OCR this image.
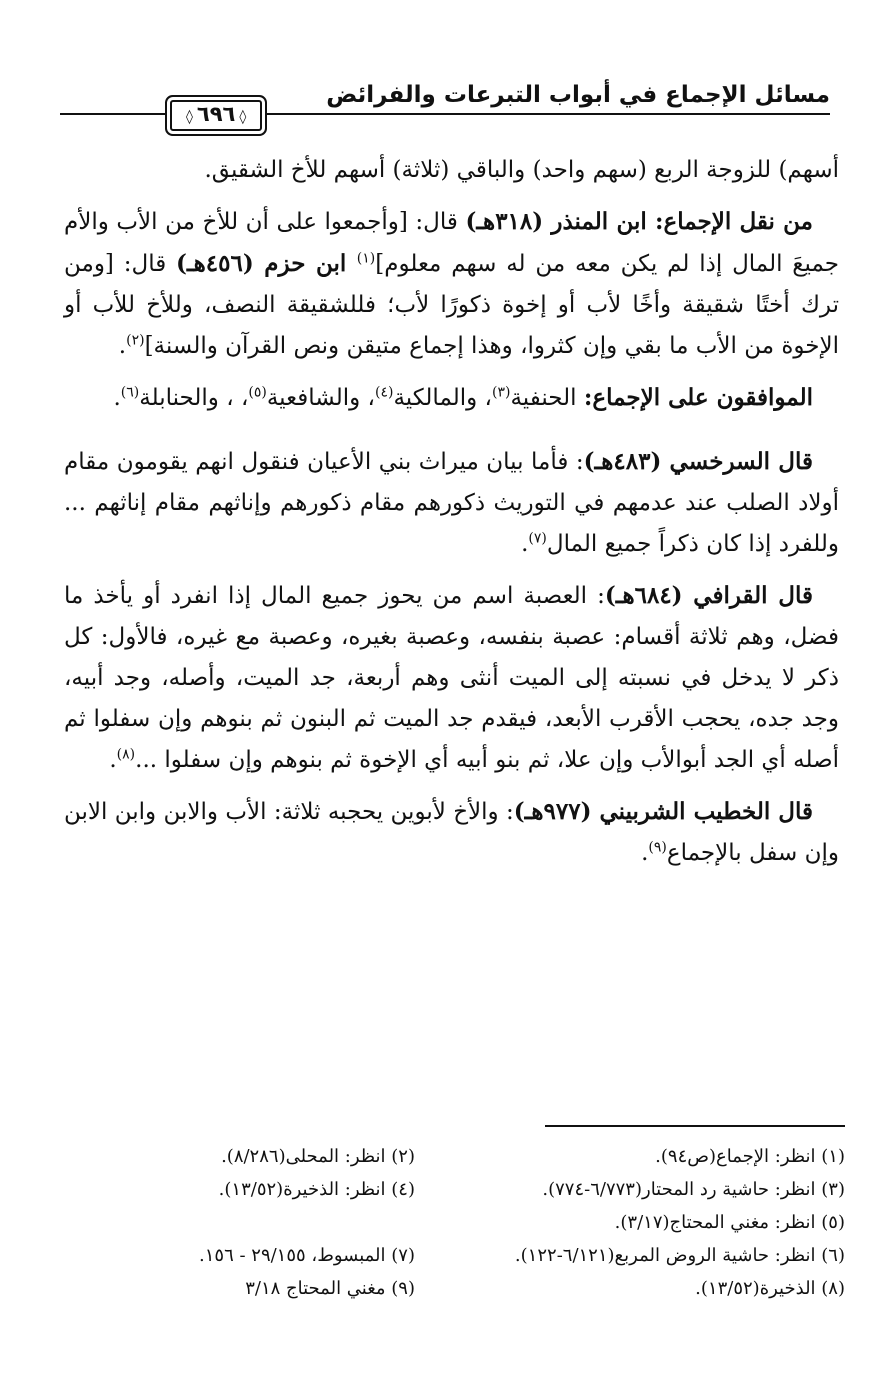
مسائل الإجماع في أبواب التبرعات والفرائض
◊٦٩٦◊

أسهم) للزوجة الربع (سهم واحد) والباقي (ثلاثة) أسهم للأخ الشقيق.

من نقل الإجماع: ابن المنذر (٣١٨هـ) قال: [وأجمعوا على أن للأخ من الأب والأم جميعَ المال إذا لم يكن معه من له سهم معلوم]$^{(١)}$ ابن حزم (٤٥٦هـ) قال: [ومن ترك أختًا شقيقة وأخًا لأب أو إخوة ذكورًا لأب؛ فللشقيقة النصف، وللأخ للأب أو الإخوة من الأب ما بقي وإن كثروا، وهذا إجماع متيقن ونص القرآن والسنة]$^{(٢)}$.

الموافقون على الإجماع: الحنفية$^{(٣)}$، والمالكية$^{(٤)}$، والشافعية$^{(٥)}$، ، والحنابلة$^{(٦)}$.

قال السرخسي (٤٨٣هـ): فأما بيان ميراث بني الأعيان فنقول انهم يقومون مقام أولاد الصلب عند عدمهم في التوريث ذكورهم مقام ذكورهم وإناثهم مقام إناثهم ... وللفرد إذا كان ذكراً جميع المال$^{(٧)}$.

قال القرافي (٦٨٤هـ): العصبة اسم من يحوز جميع المال إذا انفرد أو يأخذ ما فضل، وهم ثلاثة أقسام: عصبة بنفسه، وعصبة بغيره، وعصبة مع غيره، فالأول: كل ذكر لا يدخل في نسبته إلى الميت أنثى وهم أربعة، جد الميت، وأصله، وجد أبيه، وجد جده، يحجب الأقرب الأبعد، فيقدم جد الميت ثم البنون ثم بنوهم وإن سفلوا ثم أصله أي الجد أبوالأب وإن علا، ثم بنو أبيه أي الإخوة ثم بنوهم وإن سفلوا ...$^{(٨)}$.

قال الخطيب الشربيني (٩٧٧هـ): والأخ لأبوين يحجبه ثلاثة: الأب والابن وابن الابن وإن سفل بالإجماع$^{(٩)}$.

(١) انظر: الإجماع(ص٩٤).
(٢) انظر: المحلى(٨/٢٨٦).
(٣) انظر: حاشية رد المحتار(٦/٧٧٣-٧٧٤).
(٤) انظر: الذخيرة(١٣/٥٢).
(٥) انظر: مغني المحتاج(٣/١٧).
(٦) انظر: حاشية الروض المربع(٦/١٢١-١٢٢).
(٧) المبسوط، ٢٩/١٥٥ - ١٥٦.
(٨) الذخيرة(١٣/٥٢).
(٩) مغني المحتاج ٣/١٨
